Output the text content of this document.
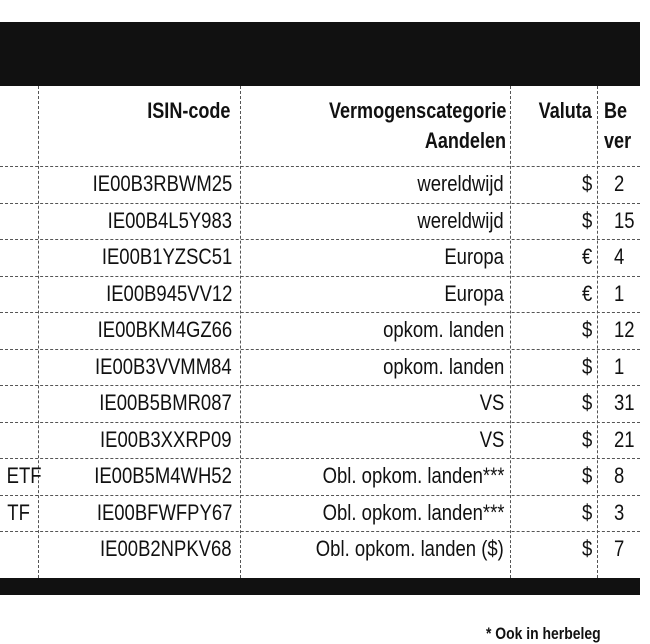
ISIN-code	Vermogenscategorie
Aandelen
Valuta Be
ver
IE00B3RBWM25	wereldwijd	$ 2
IE00B4L5Y983	wereldwijd	$ 15
IE00B1YZSC51	Europa	€ 4
IE00B945VV12	Europa	€ 1
IE00BKM4GZ66	opkom. landen	$ 12
IE00B3VVMM84	opkom. landen	$ 1
IE00B5BMR087	VS	$ 31
IE00B3XXRP09	VS	$ 21
ETF	IE00B5M4WH52	Obl. opkom. landen***	$ 8
TF	IE00BFWFPY67	Obl. opkom. landen***	$ 3
IE00B2NPKV68	Obl. opkom. landen ($)	$ 7
* Ook in herbeleg
